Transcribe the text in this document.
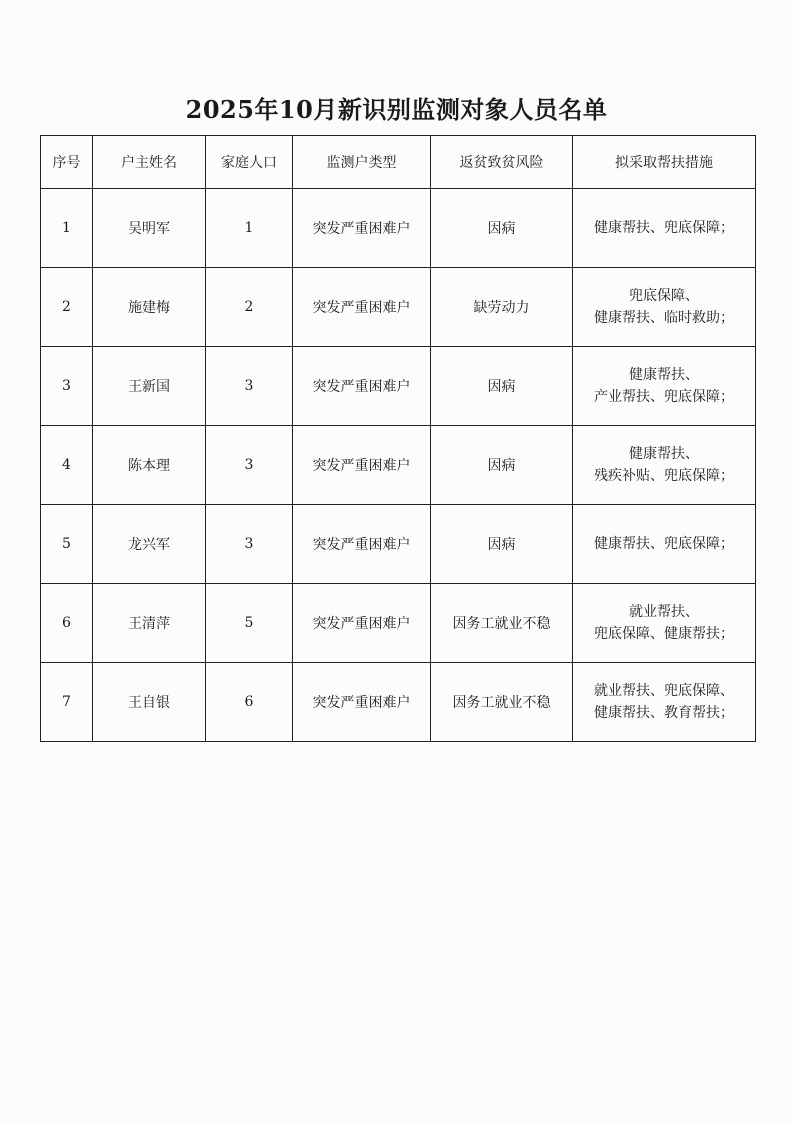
2025年10月新识别监测对象人员名单
序号	户主姓名	家庭人口	监测户类型	返贫致贫风险	拟采取帮扶措施
1	吴明军	1	突发严重困难户	因病	健康帮扶、兜底保障；

2	施建梅	2	突发严重困难户	缺劳动力	兜底保障、
健康帮扶、临时救助；

3	王新国	3	突发严重困难户	因病	健康帮扶、
产业帮扶、兜底保障；

4	陈本理	3	突发严重困难户	因病	健康帮扶、
残疾补贴、兜底保障；

5	龙兴军	3	突发严重困难户	因病	健康帮扶、兜底保障；

6	王清萍	5	突发严重困难户	因务工就业不稳	就业帮扶、
兜底保障、健康帮扶；

7	王自银	6	突发严重困难户	因务工就业不稳	就业帮扶、兜底保障、
健康帮扶、教育帮扶；
